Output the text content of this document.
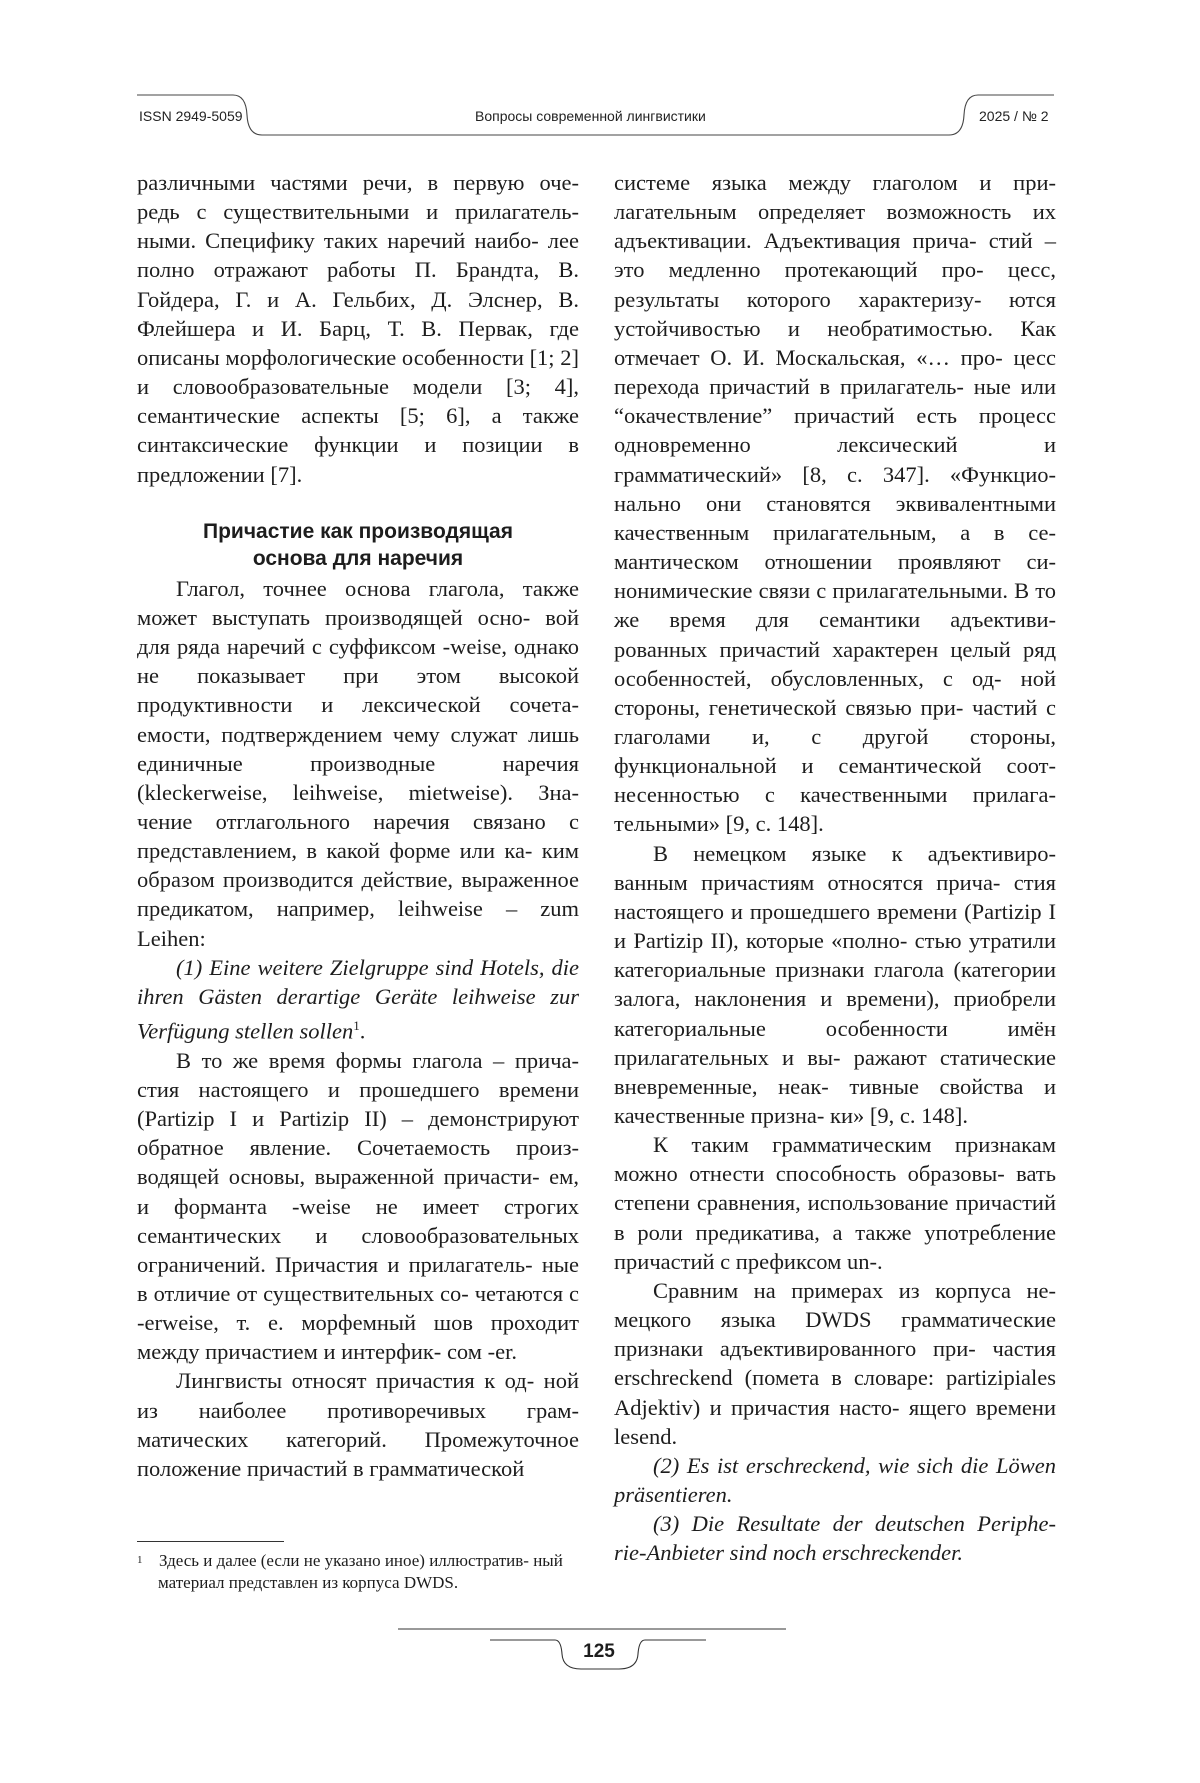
ISSN 2949-5059	Вопросы современной лингвистики	2025 / № 2

различными частями речи, в первую оче- редь с существительными и прилагатель- ными. Специфику таких наречий наибо- лее полно отражают работы П. Брандта, В. Гойдера, Г. и А. Гельбих, Д. Элснер, В. Флейшера и И. Барц, Т. В. Первак, где описаны морфологические особенности [1; 2] и словообразовательные модели [3; 4], семантические аспекты [5; 6], а также синтаксические функции и позиции в предложении [7].

Причастие как производящая
основа для наречия

Глагол, точнее основа глагола, также может выступать производящей осно- вой для ряда наречий с суффиксом -weise, однако не показывает при этом высокой продуктивности и лексической сочета- емости, подтверждением чему служат лишь единичные производные наречия (kleckerweise, leihweise, mietweise). Зна- чение отглагольного наречия связано с представлением, в какой форме или ка- ким образом производится действие, выраженное предикатом, например, leihweise – zum Leihen:

(1) Eine weitere Zielgruppe sind Hotels, die ihren Gästen derartige Geräte leihweise zur Verfügung stellen sollen$^1$.

В то же время формы глагола – прича- стия настоящего и прошедшего времени (Partizip I и Partizip II) – демонстрируют обратное явление. Сочетаемость произ- водящей основы, выраженной причасти- ем, и форманта -weise не имеет строгих семантических и словообразовательных ограничений. Причастия и прилагатель- ные в отличие от существительных со- четаются с -erweise, т. е. морфемный шов проходит между причастием и интерфик- сом -er.

Лингвисты относят причастия к од- ной из наиболее противоречивых грам- матических категорий. Промежуточное положение причастий в грамматической

системе языка между глаголом и при- лагательным определяет возможность их адъективации. Адъективация прича- стий – это медленно протекающий про- цесс, результаты которого характеризу- ются устойчивостью и необратимостью. Как отмечает О. И. Москальская, «… про- цесс перехода причастий в прилагатель- ные или “окачествление” причастий есть процесс одновременно лексический и грамматический» [8, с. 347]. «Функцио- нально они становятся эквивалентными качественным прилагательным, а в се- мантическом отношении проявляют си- нонимические связи с прилагательными. В то же время для семантики адъективи- рованных причастий характерен целый ряд особенностей, обусловленных, с од- ной стороны, генетической связью при- частий с глаголами и, с другой стороны, функциональной и семантической соот- несенностью с качественными прилага- тельными» [9, с. 148].

В немецком языке к адъективиро- ванным причастиям относятся прича- стия настоящего и прошедшего времени (Partizip I и Partizip II), которые «полно- стью утратили категориальные признаки глагола (категории залога, наклонения и времени), приобрели категориальные	особенности имён прилагательных и вы- ражают статические вневременные, неак- тивные свойства и качественные призна- ки» [9, с. 148].

К таким грамматическим признакам можно отнести способность образовы- вать степени сравнения, использование причастий в роли предикатива, а также употребление причастий с префиксом un-.

Сравним на примерах из корпуса не- мецкого языка DWDS грамматические признаки адъективированного при- частия erschreckend (помета в словаре: partizipiales Adjektiv) и причастия насто- ящего времени lesend.

(2) Es ist erschreckend, wie sich die Löwen präsentieren.

(3) Die Resultate der deutschen Periphe- rie-Anbieter sind noch erschreckender.

1 Здесь и далее (если не указано иное) иллюстратив- ный материал представлен из корпуса DWDS.
125
